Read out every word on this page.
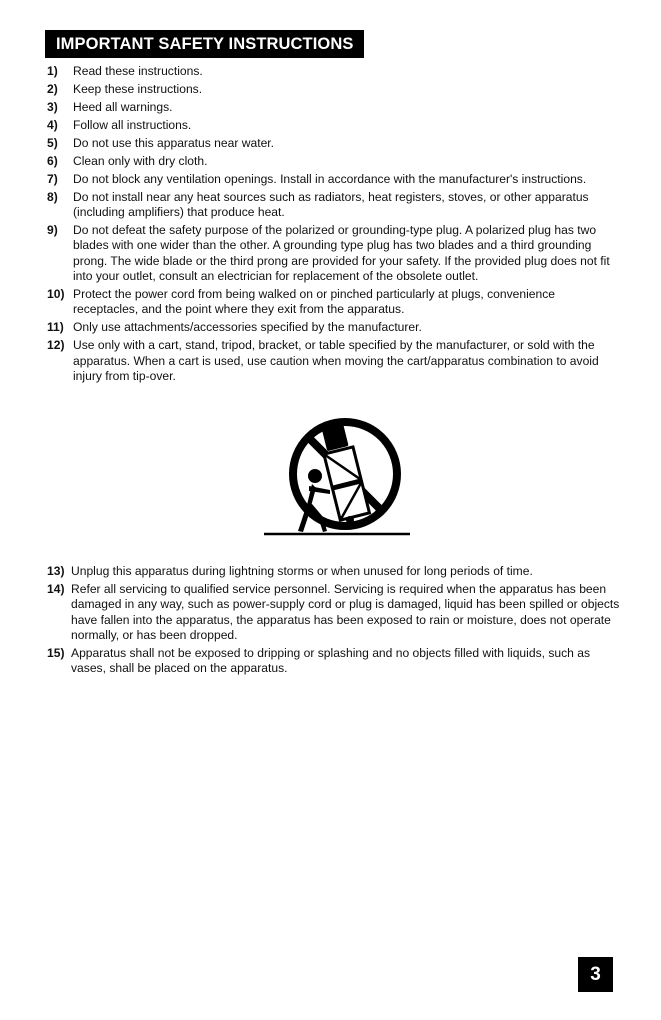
IMPORTANT SAFETY INSTRUCTIONS
1)	Read these instructions.
2)	Keep these instructions.
3)	Heed all warnings.
4)	Follow all instructions.
5)	Do not use this apparatus near water.
6)	Clean only with dry cloth.
7)	Do not block any ventilation openings. Install in accordance with the manufacturer's instructions.
8)	Do not install near any heat sources such as radiators, heat registers, stoves, or other apparatus (including amplifiers) that produce heat.
9)	Do not defeat the safety purpose of the polarized or grounding-type plug. A polarized plug has two blades with one wider than the other. A grounding type plug has two blades and a third grounding prong. The wide blade or the third prong are provided for your safety. If the provided plug does not fit into your outlet, consult an electrician for replacement of the obsolete outlet.
10) Protect the power cord from being walked on or pinched particularly at plugs, convenience receptacles, and the point where they exit from the apparatus.
11) Only use attachments/accessories specified by the manufacturer.
12) Use only with a cart, stand, tripod, bracket, or table specified by the manufacturer, or sold with the apparatus. When a cart is used, use caution when moving the cart/apparatus combination to avoid injury from tip-over.
13) Unplug this apparatus during lightning storms or when unused for long periods of time.
14) Refer all servicing to qualified service personnel. Servicing is required when the apparatus has been damaged in any way, such as power-supply cord or plug is damaged, liquid has been spilled or objects have fallen into the apparatus, the apparatus has been exposed to rain or moisture, does not operate normally, or has been dropped.
15) Apparatus shall not be exposed to dripping or splashing and no objects filled with liquids, such as vases, shall be placed on the apparatus.
3
